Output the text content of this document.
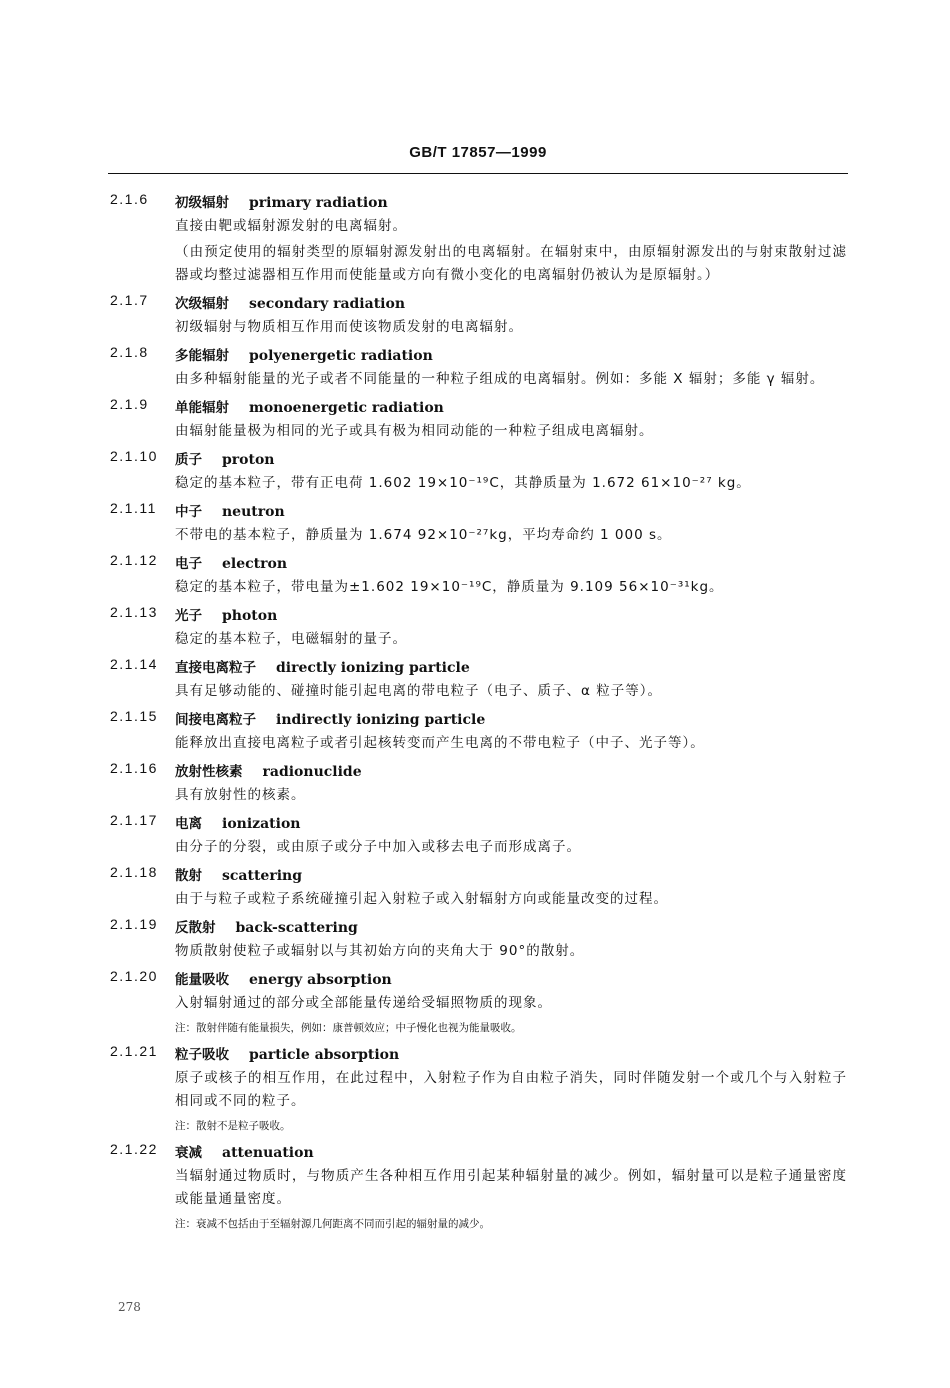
GB/T 17857—1999
2.1.6 初级辐射 primary radiation
直接由靶或辐射源发射的电离辐射。
（由预定使用的辐射类型的原辐射源发射出的电离辐射。在辐射束中，由原辐射源发出的与射束散射过滤器或均整过滤器相互作用而使能量或方向有微小变化的电离辐射仍被认为是原辐射。）
2.1.7 次级辐射 secondary radiation
初级辐射与物质相互作用而使该物质发射的电离辐射。
2.1.8 多能辐射 polyenergetic radiation
由多种辐射能量的光子或者不同能量的一种粒子组成的电离辐射。例如：多能 X 辐射；多能 γ 辐射。
2.1.9 单能辐射 monoenergetic radiation
由辐射能量极为相同的光子或具有极为相同动能的一种粒子组成电离辐射。
2.1.10 质子 proton
稳定的基本粒子，带有正电荷 1.602 19×10⁻¹⁹C，其静质量为 1.672 61×10⁻²⁷ kg。
2.1.11 中子 neutron
不带电的基本粒子，静质量为 1.674 92×10⁻²⁷kg，平均寿命约 1 000 s。
2.1.12 电子 electron
稳定的基本粒子，带电量为±1.602 19×10⁻¹⁹C，静质量为 9.109 56×10⁻³¹kg。
2.1.13 光子 photon
稳定的基本粒子，电磁辐射的量子。
2.1.14 直接电离粒子 directly ionizing particle
具有足够动能的、碰撞时能引起电离的带电粒子（电子、质子、α 粒子等）。
2.1.15 间接电离粒子 indirectly ionizing particle
能释放出直接电离粒子或者引起核转变而产生电离的不带电粒子（中子、光子等）。
2.1.16 放射性核素 radionuclide
具有放射性的核素。
2.1.17 电离 ionization
由分子的分裂，或由原子或分子中加入或移去电子而形成离子。
2.1.18 散射 scattering
由于与粒子或粒子系统碰撞引起入射粒子或入射辐射方向或能量改变的过程。
2.1.19 反散射 back-scattering
物质散射使粒子或辐射以与其初始方向的夹角大于 90°的散射。
2.1.20 能量吸收 energy absorption
入射辐射通过的部分或全部能量传递给受辐照物质的现象。
注：散射伴随有能量损失，例如：康普顿效应；中子慢化也视为能量吸收。
2.1.21 粒子吸收 particle absorption
原子或核子的相互作用，在此过程中，入射粒子作为自由粒子消失，同时伴随发射一个或几个与入射粒子相同或不同的粒子。
注：散射不是粒子吸收。
2.1.22 衰减 attenuation
当辐射通过物质时，与物质产生各种相互作用引起某种辐射量的减少。例如，辐射量可以是粒子通量密度或能量通量密度。
注：衰减不包括由于至辐射源几何距离不同而引起的辐射量的减少。
278
